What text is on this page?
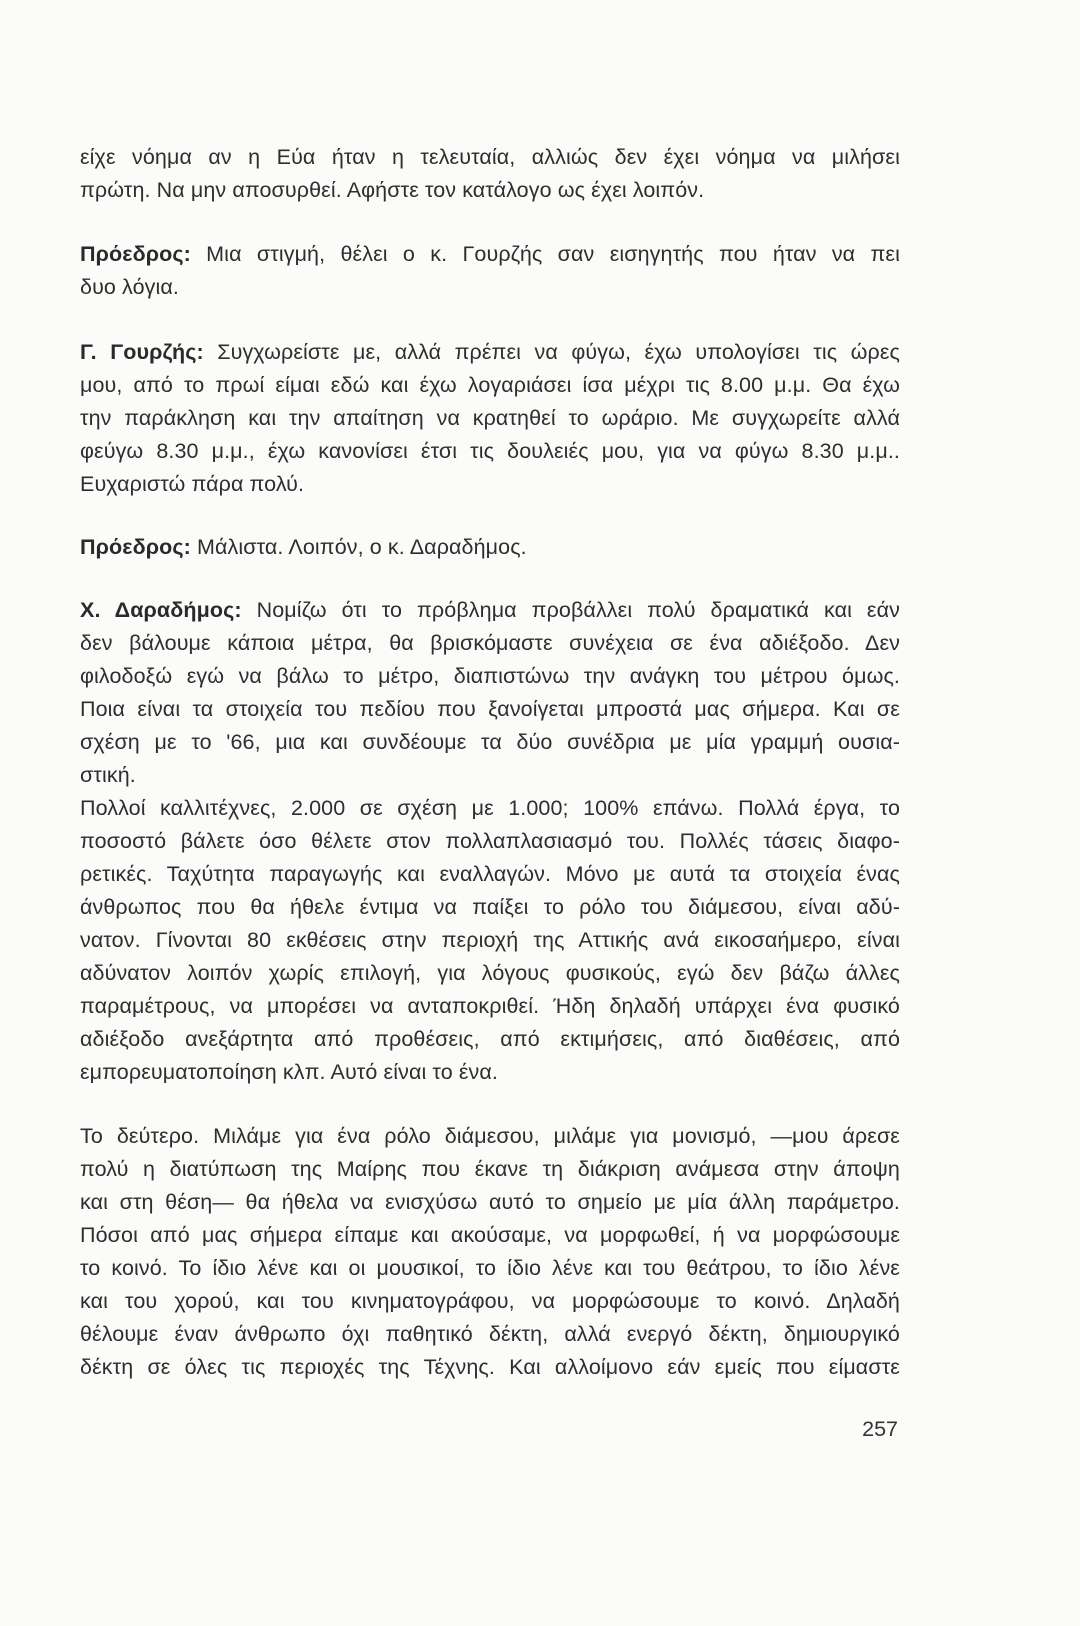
είχε νόημα αν η Εύα ήταν η τελευταία, αλλιώς δεν έχει νόημα να μιλήσει
πρώτη. Να μην αποσυρθεί. Αφήστε τον κατάλογο ως έχει λοιπόν.
Πρόεδρος: Μια στιγμή, θέλει ο κ. Γουρζής σαν εισηγητής που ήταν να πει
δυο λόγια.
Γ. Γουρζής: Συγχωρείστε με, αλλά πρέπει να φύγω, έχω υπολογίσει τις ώρες
μου, από το πρωί είμαι εδώ και έχω λογαριάσει ίσα μέχρι τις 8.00 μ.μ. Θα έχω
την παράκληση και την απαίτηση να κρατηθεί το ωράριο. Με συγχωρείτε αλλά
φεύγω 8.30 μ.μ., έχω κανονίσει έτσι τις δουλειές μου, για να φύγω 8.30 μ.μ..
Ευχαριστώ πάρα πολύ.
Πρόεδρος: Μάλιστα. Λοιπόν, ο κ. Δαραδήμος.
Χ. Δαραδήμος: Νομίζω ότι το πρόβλημα προβάλλει πολύ δραματικά και εάν
δεν βάλουμε κάποια μέτρα, θα βρισκόμαστε συνέχεια σε ένα αδιέξοδο. Δεν
φιλοδοξώ εγώ να βάλω το μέτρο, διαπιστώνω την ανάγκη του μέτρου όμως.
Ποια είναι τα στοιχεία του πεδίου που ξανοίγεται μπροστά μας σήμερα. Και σε
σχέση με το '66, μια και συνδέουμε τα δύο συνέδρια με μία γραμμή ουσια-
στική.
Πολλοί καλλιτέχνες, 2.000 σε σχέση με 1.000; 100% επάνω. Πολλά έργα, το
ποσοστό βάλετε όσο θέλετε στον πολλαπλασιασμό του. Πολλές τάσεις διαφο-
ρετικές. Ταχύτητα παραγωγής και εναλλαγών. Μόνο με αυτά τα στοιχεία ένας
άνθρωπος που θα ήθελε έντιμα να παίξει το ρόλο του διάμεσου, είναι αδύ-
νατον. Γίνονται 80 εκθέσεις στην περιοχή της Αττικής ανά εικοσαήμερο, είναι
αδύνατον λοιπόν χωρίς επιλογή, για λόγους φυσικούς, εγώ δεν βάζω άλλες
παραμέτρους, να μπορέσει να ανταποκριθεί. Ήδη δηλαδή υπάρχει ένα φυσικό
αδιέξοδο ανεξάρτητα από προθέσεις, από εκτιμήσεις, από διαθέσεις, από
εμπορευματοποίηση κλπ. Αυτό είναι το ένα.
Το δεύτερο. Μιλάμε για ένα ρόλο διάμεσου, μιλάμε για μονισμό, —μου άρεσε
πολύ η διατύπωση της Μαίρης που έκανε τη διάκριση ανάμεσα στην άποψη
και στη θέση— θα ήθελα να ενισχύσω αυτό το σημείο με μία άλλη παράμετρο.
Πόσοι από μας σήμερα είπαμε και ακούσαμε, να μορφωθεί, ή να μορφώσουμε
το κοινό. Το ίδιο λένε και οι μουσικοί, το ίδιο λένε και του θεάτρου, το ίδιο λένε
και του χορού, και του κινηματογράφου, να μορφώσουμε το κοινό. Δηλαδή
θέλουμε έναν άνθρωπο όχι παθητικό δέκτη, αλλά ενεργό δέκτη, δημιουργικό
δέκτη σε όλες τις περιοχές της Τέχνης. Και αλλοίμονο εάν εμείς που είμαστε
257
